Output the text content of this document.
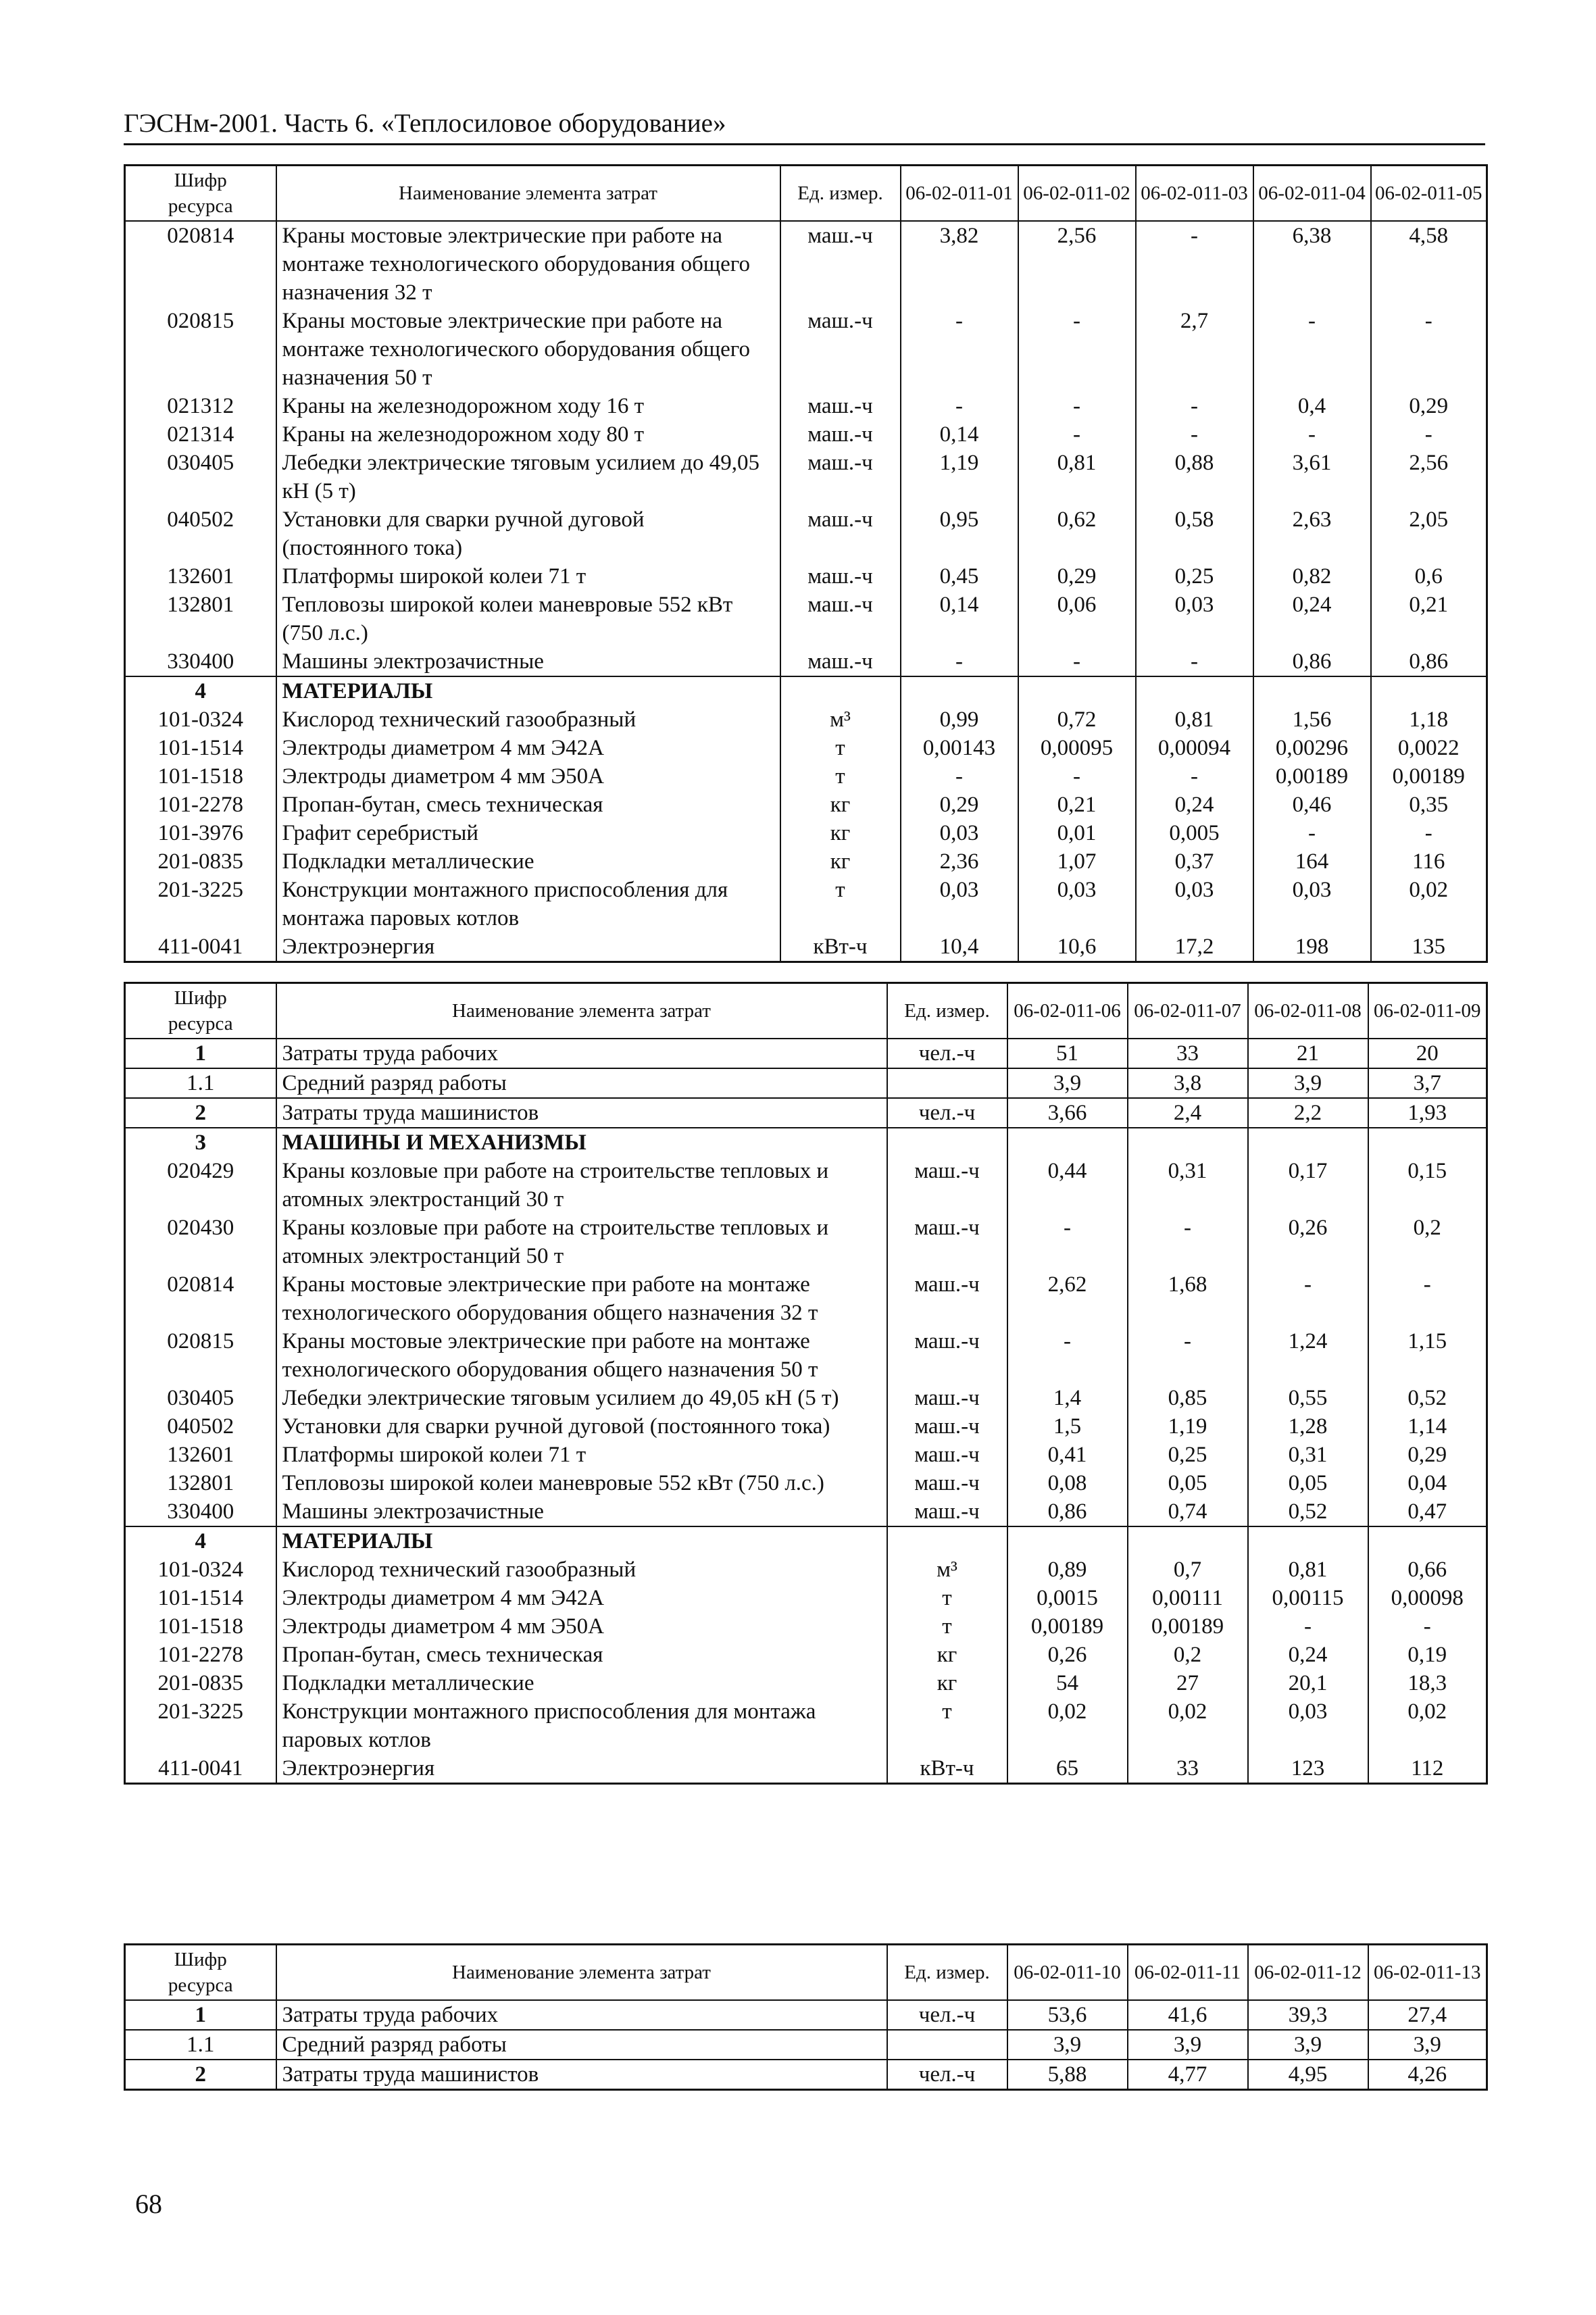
ГЭСНм-2001. Часть 6. «Теплосиловое оборудование»
Шифр
ресурса	Наименование элемента затрат	Ед. измер.	06-02-011-01	06-02-011-02	06-02-011-03	06-02-011-04	06-02-011-05
020814	Краны мостовые электрические при работе на монтаже технологического оборудования общего назначения 32 т	маш.-ч	3,82	2,56	-	6,38	4,58
020815	Краны мостовые электрические при работе на монтаже технологического оборудования общего назначения 50 т	маш.-ч	-	-	2,7	-	-
021312	Краны на железнодорожном ходу 16 т	маш.-ч	-	-	-	0,4	0,29
021314	Краны на железнодорожном ходу 80 т	маш.-ч	0,14	-	-	-	-
030405	Лебедки электрические тяговым усилием до 49,05 кН (5 т)	маш.-ч	1,19	0,81	0,88	3,61	2,56
040502	Установки для сварки ручной дуговой (постоянного тока)	маш.-ч	0,95	0,62	0,58	2,63	2,05
132601	Платформы широкой колеи 71 т	маш.-ч	0,45	0,29	0,25	0,82	0,6
132801	Тепловозы широкой колеи маневровые 552 кВт (750 л.с.)	маш.-ч	0,14	0,06	0,03	0,24	0,21
330400	Машины электрозачистные	маш.-ч	-	-	-	0,86	0,86
4	МАТЕРИАЛЫ						
101-0324	Кислород технический газообразный	м³	0,99	0,72	0,81	1,56	1,18
101-1514	Электроды диаметром 4 мм Э42А	т	0,00143	0,00095	0,00094	0,00296	0,0022
101-1518	Электроды диаметром 4 мм Э50А	т	-	-	-	0,00189	0,00189
101-2278	Пропан-бутан, смесь техническая	кг	0,29	0,21	0,24	0,46	0,35
101-3976	Графит серебристый	кг	0,03	0,01	0,005	-	-
201-0835	Подкладки металлические	кг	2,36	1,07	0,37	164	116
201-3225	Конструкции монтажного приспособления для монтажа паровых котлов	т	0,03	0,03	0,03	0,03	0,02
411-0041	Электроэнергия	кВт-ч	10,4	10,6	17,2	198	135
Шифр
ресурса	Наименование элемента затрат	Ед. измер.	06-02-011-06	06-02-011-07	06-02-011-08	06-02-011-09
1	Затраты труда рабочих	чел.-ч	51	33	21	20
1.1	Средний разряд работы		3,9	3,8	3,9	3,7
2	Затраты труда машинистов	чел.-ч	3,66	2,4	2,2	1,93
3	МАШИНЫ И МЕХАНИЗМЫ					
020429	Краны козловые при работе на строительстве тепловых и атомных электростанций 30 т	маш.-ч	0,44	0,31	0,17	0,15
020430	Краны козловые при работе на строительстве тепловых и атомных электростанций 50 т	маш.-ч	-	-	0,26	0,2
020814	Краны мостовые электрические при работе на монтаже технологического оборудования общего назначения 32 т	маш.-ч	2,62	1,68	-	-
020815	Краны мостовые электрические при работе на монтаже технологического оборудования общего назначения 50 т	маш.-ч	-	-	1,24	1,15
030405	Лебедки электрические тяговым усилием до 49,05 кН (5 т)	маш.-ч	1,4	0,85	0,55	0,52
040502	Установки для сварки ручной дуговой (постоянного тока)	маш.-ч	1,5	1,19	1,28	1,14
132601	Платформы широкой колеи 71 т	маш.-ч	0,41	0,25	0,31	0,29
132801	Тепловозы широкой колеи маневровые 552 кВт (750 л.с.)	маш.-ч	0,08	0,05	0,05	0,04
330400	Машины электрозачистные	маш.-ч	0,86	0,74	0,52	0,47
4	МАТЕРИАЛЫ					
101-0324	Кислород технический газообразный	м³	0,89	0,7	0,81	0,66
101-1514	Электроды диаметром 4 мм Э42А	т	0,0015	0,00111	0,00115	0,00098
101-1518	Электроды диаметром 4 мм Э50А	т	0,00189	0,00189	-	-
101-2278	Пропан-бутан, смесь техническая	кг	0,26	0,2	0,24	0,19
201-0835	Подкладки металлические	кг	54	27	20,1	18,3
201-3225	Конструкции монтажного приспособления для монтажа паровых котлов	т	0,02	0,02	0,03	0,02
411-0041	Электроэнергия	кВт-ч	65	33	123	112
Шифр
ресурса	Наименование элемента затрат	Ед. измер.	06-02-011-10	06-02-011-11	06-02-011-12	06-02-011-13
1	Затраты труда рабочих	чел.-ч	53,6	41,6	39,3	27,4
1.1	Средний разряд работы		3,9	3,9	3,9	3,9
2	Затраты труда машинистов	чел.-ч	5,88	4,77	4,95	4,26
68
